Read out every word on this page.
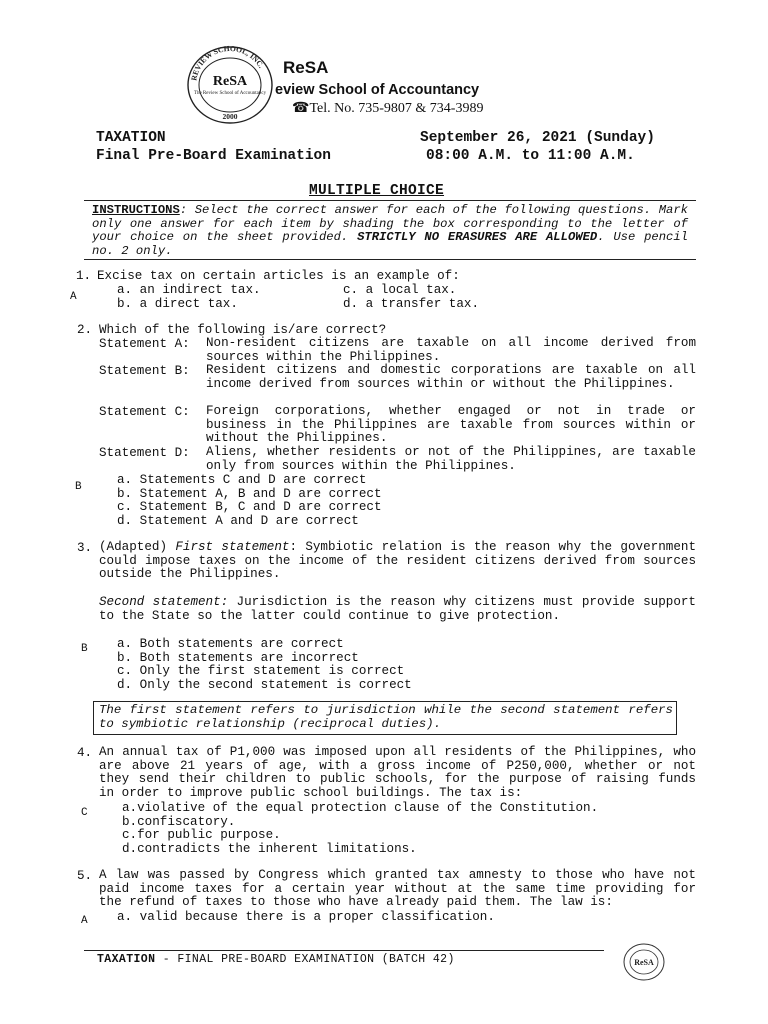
REVIEW SCHOOL, INC.
ReSA
The Review School of Accountancy
2000
ReSA
eview School of Accountancy
☎Tel. No. 735-9807 & 734-3989
TAXATION
Final Pre-Board Examination
September 26, 2021 (Sunday)
08:00 A.M. to 11:00 A.M.
MULTIPLE CHOICE
INSTRUCTIONS: Select the correct answer for each of the following questions. Mark only one answer for each item by shading the box corresponding to the letter of your choice on the sheet provided. STRICTLY NO ERASURES ARE ALLOWED. Use pencil no. 2 only.
1. Excise tax on certain articles is an example of:
a. an indirect tax.	c. a local tax.
b. a direct tax.	d. a transfer tax.
A
2. Which of the following is/are correct?
Statement A: Non-resident citizens are taxable on all income derived from sources within the Philippines.
Statement B: Resident citizens and domestic corporations are taxable on all income derived from sources within or without the Philippines.
Statement C: Foreign corporations, whether engaged or not in trade or business in the Philippines are taxable from sources within or without the Philippines.
Statement D: Aliens, whether residents or not of the Philippines, are taxable only from sources within the Philippines.
a. Statements C and D are correct
b. Statement A, B and D are correct
c. Statement B, C and D are correct
d. Statement A and D are correct
B
3. (Adapted) First statement: Symbiotic relation is the reason why the government could impose taxes on the income of the resident citizens derived from sources outside the Philippines.
Second statement: Jurisdiction is the reason why citizens must provide support to the State so the latter could continue to give protection.
a. Both statements are correct
b. Both statements are incorrect
c. Only the first statement is correct
d. Only the second statement is correct
B
The first statement refers to jurisdiction while the second statement refers to symbiotic relationship (reciprocal duties).
4. An annual tax of P1,000 was imposed upon all residents of the Philippines, who are above 21 years of age, with a gross income of P250,000, whether or not they send their children to public schools, for the purpose of raising funds in order to improve public school buildings. The tax is:
a.violative of the equal protection clause of the Constitution.
b.confiscatory.
c.for public purpose.
d.contradicts the inherent limitations.
C
5. A law was passed by Congress which granted tax amnesty to those who have not paid income taxes for a certain year without at the same time providing for the refund of taxes to those who have already paid them. The law is:
a. valid because there is a proper classification.
A
TAXATION - FINAL PRE-BOARD EXAMINATION (BATCH 42)	ReSA
